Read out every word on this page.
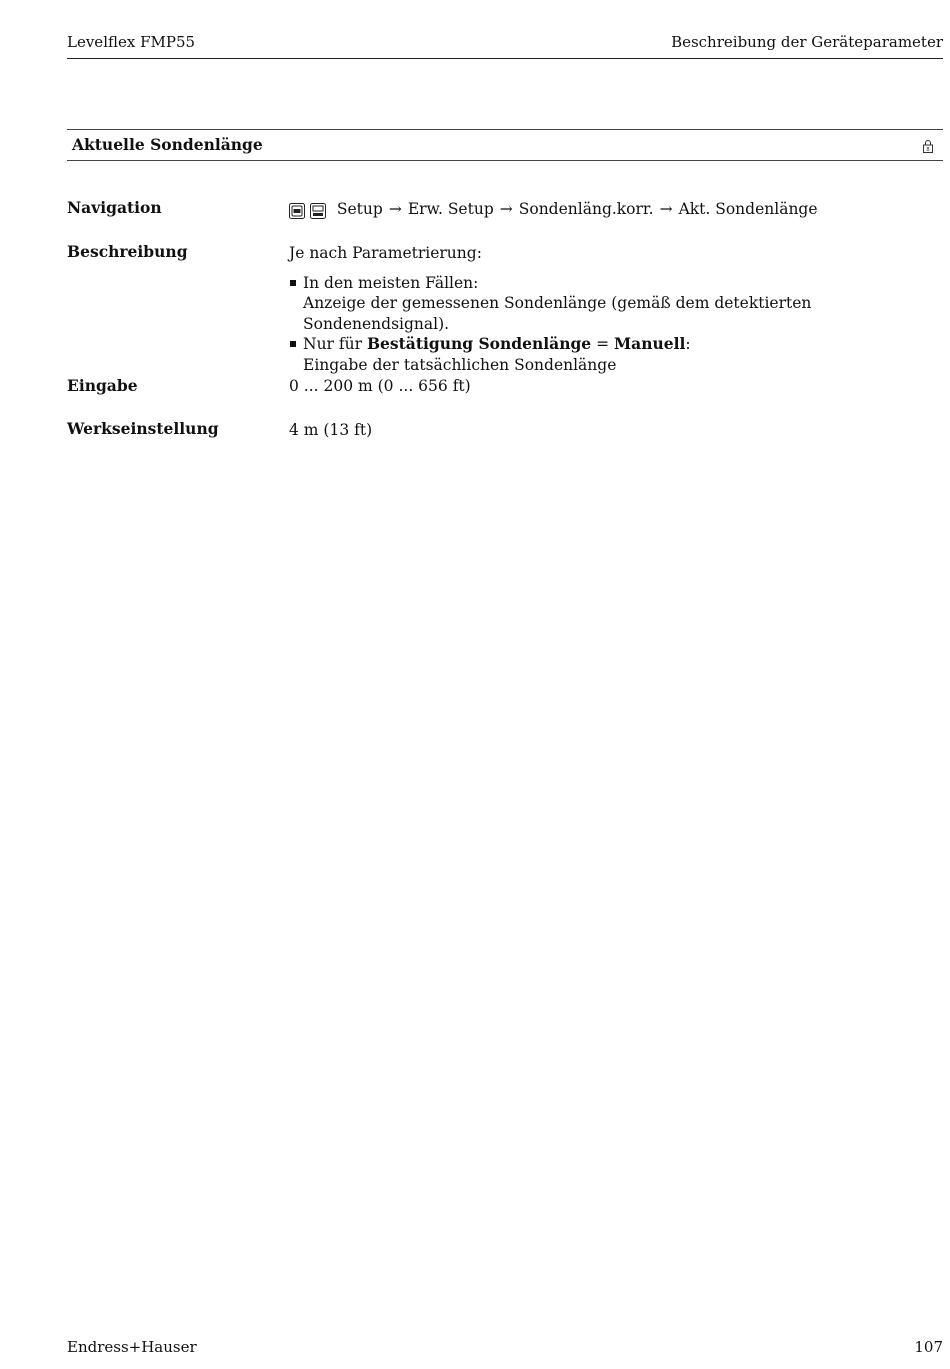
Levelflex FMP55	Beschreibung der Geräteparameter
Aktuelle Sondenlänge	8
Navigation	Setup → Erw. Setup → Sondenläng.korr. → Akt. Sondenlänge
Beschreibung	Je nach Parametrierung:
In den meisten Fällen:
Anzeige der gemessenen Sondenlänge (gemäß dem detektierten Sondenendsignal).
Nur für Bestätigung Sondenlänge = Manuell:
Eingabe der tatsächlichen Sondenlänge
Eingabe	0 ... 200 m (0 ... 656 ft)
Werkseinstellung	4 m (13 ft)
Endress+Hauser	107
